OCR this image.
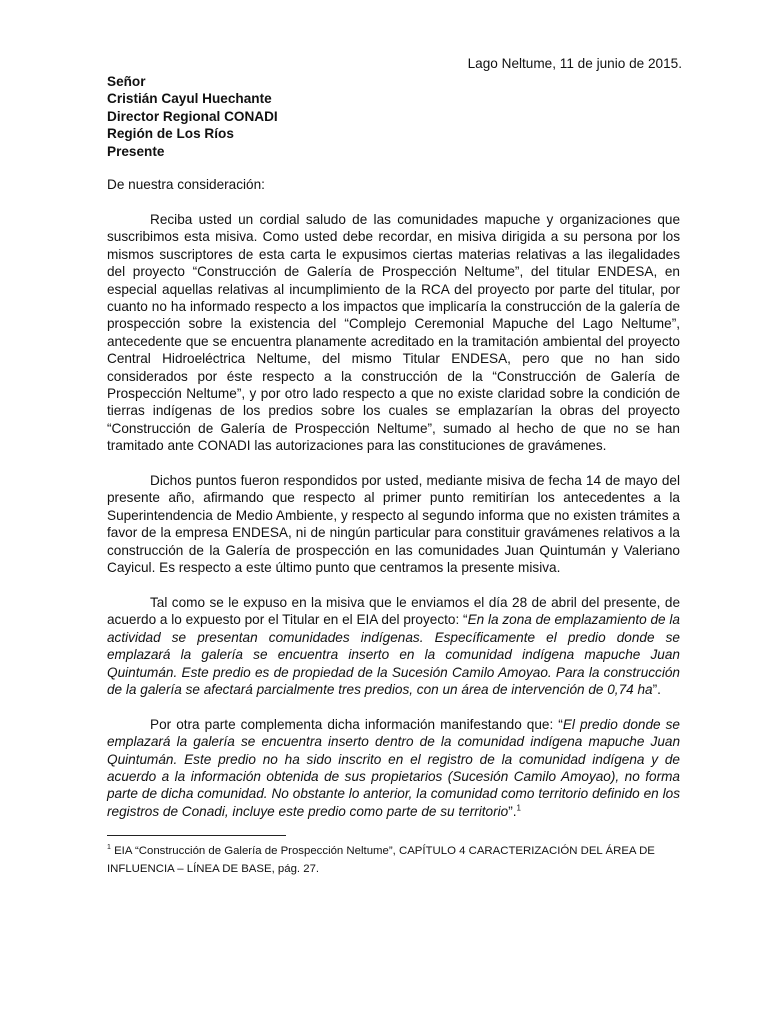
Lago Neltume, 11 de junio de 2015.
Señor
Cristián Cayul Huechante
Director Regional CONADI
Región de Los Ríos
Presente
De nuestra consideración:

Reciba usted un cordial saludo de las comunidades mapuche y organizaciones que suscribimos esta misiva. Como usted debe recordar, en misiva dirigida a su persona por los mismos suscriptores de esta carta le expusimos ciertas materias relativas a las ilegalidades del proyecto “Construcción de Galería de Prospección Neltume”, del titular ENDESA, en especial aquellas relativas al incumplimiento de la RCA del proyecto por parte del titular, por cuanto no ha informado respecto a los impactos que implicaría la construcción de la galería de prospección sobre la existencia del “Complejo Ceremonial Mapuche del Lago Neltume”, antecedente que se encuentra planamente acreditado en la tramitación ambiental del proyecto Central Hidroeléctrica Neltume, del mismo Titular ENDESA, pero que no han sido considerados por éste respecto a la construcción de la “Construcción de Galería de Prospección Neltume”, y por otro lado respecto a que no existe claridad sobre la condición de tierras indígenas de los predios sobre los cuales se emplazarían la obras del proyecto “Construcción de Galería de Prospección Neltume”, sumado al hecho de que no se han tramitado ante CONADI las autorizaciones para las constituciones de gravámenes.

Dichos puntos fueron respondidos por usted, mediante misiva de fecha 14 de mayo del presente año, afirmando que respecto al primer punto remitirían los antecedentes a la Superintendencia de Medio Ambiente, y respecto al segundo informa que no existen trámites a favor de la empresa ENDESA, ni de ningún particular para constituir gravámenes relativos a la construcción de la Galería de prospección en las comunidades Juan Quintumán y Valeriano Cayicul. Es respecto a este último punto que centramos la presente misiva.

Tal como se le expuso en la misiva que le enviamos el día 28 de abril del presente, de acuerdo a lo expuesto por el Titular en el EIA del proyecto: “En la zona de emplazamiento de la actividad se presentan comunidades indígenas. Específicamente el predio donde se emplazará la galería se encuentra inserto en la comunidad indígena mapuche Juan Quintumán. Este predio es de propiedad de la Sucesión Camilo Amoyao. Para la construcción de la galería se afectará parcialmente tres predios, con un área de intervención de 0,74 ha”.

Por otra parte complementa dicha información manifestando que: “El predio donde se emplazará la galería se encuentra inserto dentro de la comunidad indígena mapuche Juan Quintumán. Este predio no ha sido inscrito en el registro de la comunidad indígena y de acuerdo a la información obtenida de sus propietarios (Sucesión Camilo Amoyao), no forma parte de dicha comunidad. No obstante lo anterior, la comunidad como territorio definido en los registros de Conadi, incluye este predio como parte de su territorio”.$^1$

$^1$ EIA “Construcción de Galería de Prospección Neltume”, CAPÍTULO 4 CARACTERIZACIÓN DEL ÁREA DE INFLUENCIA – LÍNEA DE BASE, pág. 27.
